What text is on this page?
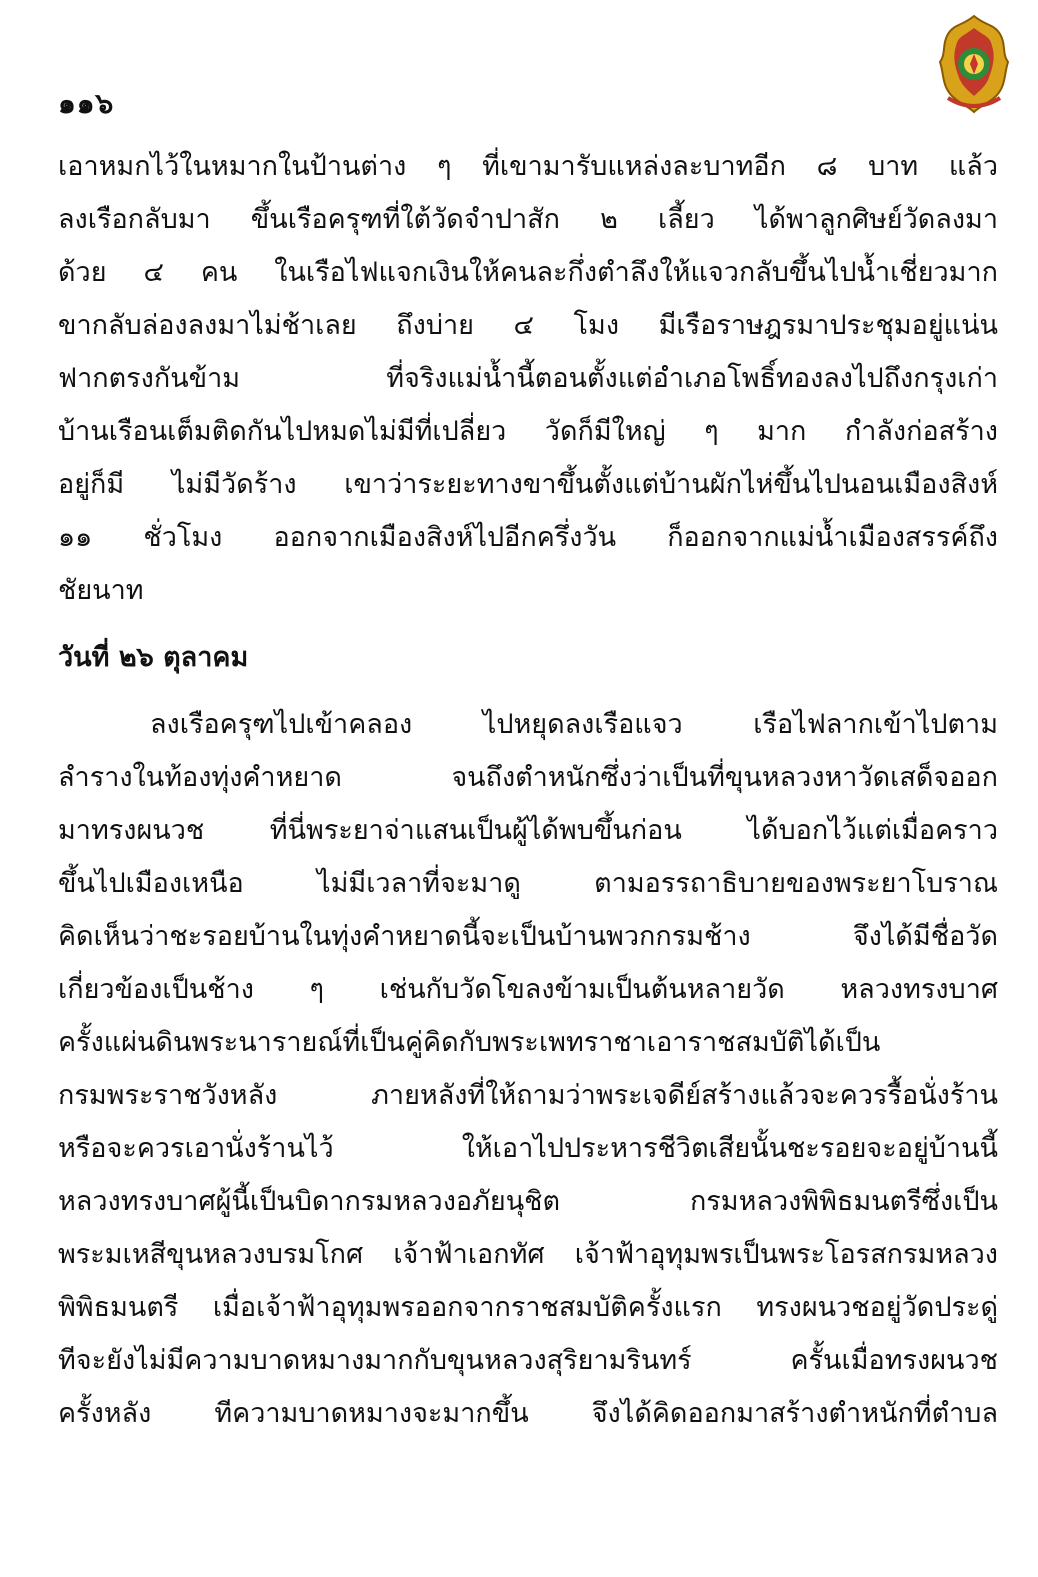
๑๑๖
เอาหมกไว้ในหมากในป้านต่าง ๆ ที่เขามารับแหล่งละบาทอีก ๘ บาท แล้ว
ลงเรือกลับมา ขึ้นเรือครุฑที่ใต้วัดจำปาสัก ๒ เลี้ยว ได้พาลูกศิษย์วัดลงมา
ด้วย ๔ คน ในเรือไฟแจกเงินให้คนละกึ่งตำลึงให้แจวกลับขึ้นไปน้ำเชี่ยวมาก
ขากลับล่องลงมาไม่ช้าเลย ถึงบ่าย ๔ โมง มีเรือราษฎรมาประชุมอยู่แน่น
ฟากตรงกันข้าม ที่จริงแม่น้ำนี้ตอนตั้งแต่อำเภอโพธิ์ทองลงไปถึงกรุงเก่า
บ้านเรือนเต็มติดกันไปหมดไม่มีที่เปลี่ยว วัดก็มีใหญ่ ๆ มาก กำลังก่อสร้าง
อยู่ก็มี ไม่มีวัดร้าง เขาว่าระยะทางขาขึ้นตั้งแต่บ้านผักไห่ขึ้นไปนอนเมืองสิงห์
๑๑ ชั่วโมง ออกจากเมืองสิงห์ไปอีกครึ่งวัน ก็ออกจากแม่น้ำเมืองสรรค์ถึง
ชัยนาท
วันที่ ๒๖ ตุลาคม
ลงเรือครุฑไปเข้าคลอง ไปหยุดลงเรือแจว เรือไฟลากเข้าไปตาม
ลำรางในท้องทุ่งคำหยาด จนถึงตำหนักซึ่งว่าเป็นที่ขุนหลวงหาวัดเสด็จออก
มาทรงผนวช ที่นี่พระยาจ่าแสนเป็นผู้ได้พบขึ้นก่อน ได้บอกไว้แต่เมื่อคราว
ขึ้นไปเมืองเหนือ ไม่มีเวลาที่จะมาดู ตามอรรถาธิบายของพระยาโบราณ
คิดเห็นว่าชะรอยบ้านในทุ่งคำหยาดนี้จะเป็นบ้านพวกกรมช้าง จึงได้มีชื่อวัด
เกี่ยวข้องเป็นช้าง ๆ เช่นกับวัดโขลงข้ามเป็นต้นหลายวัด หลวงทรงบาศ
ครั้งแผ่นดินพระนารายณ์ที่เป็นคู่คิดกับพระเพทราชาเอาราชสมบัติได้เป็น
กรมพระราชวังหลัง ภายหลังที่ให้ถามว่าพระเจดีย์สร้างแล้วจะควรรื้อนั่งร้าน
หรือจะควรเอานั่งร้านไว้ ให้เอาไปประหารชีวิตเสียนั้นชะรอยจะอยู่บ้านนี้
หลวงทรงบาศผู้นี้เป็นบิดากรมหลวงอภัยนุชิต กรมหลวงพิพิธมนตรีซึ่งเป็น
พระมเหสีขุนหลวงบรมโกศ เจ้าฟ้าเอกทัศ เจ้าฟ้าอุทุมพรเป็นพระโอรสกรมหลวง
พิพิธมนตรี เมื่อเจ้าฟ้าอุทุมพรออกจากราชสมบัติครั้งแรก ทรงผนวชอยู่วัดประดู่
ทีจะยังไม่มีความบาดหมางมากกับขุนหลวงสุริยามรินทร์ ครั้นเมื่อทรงผนวช
ครั้งหลัง ทีความบาดหมางจะมากขึ้น จึงได้คิดออกมาสร้างตำหนักที่ตำบล
